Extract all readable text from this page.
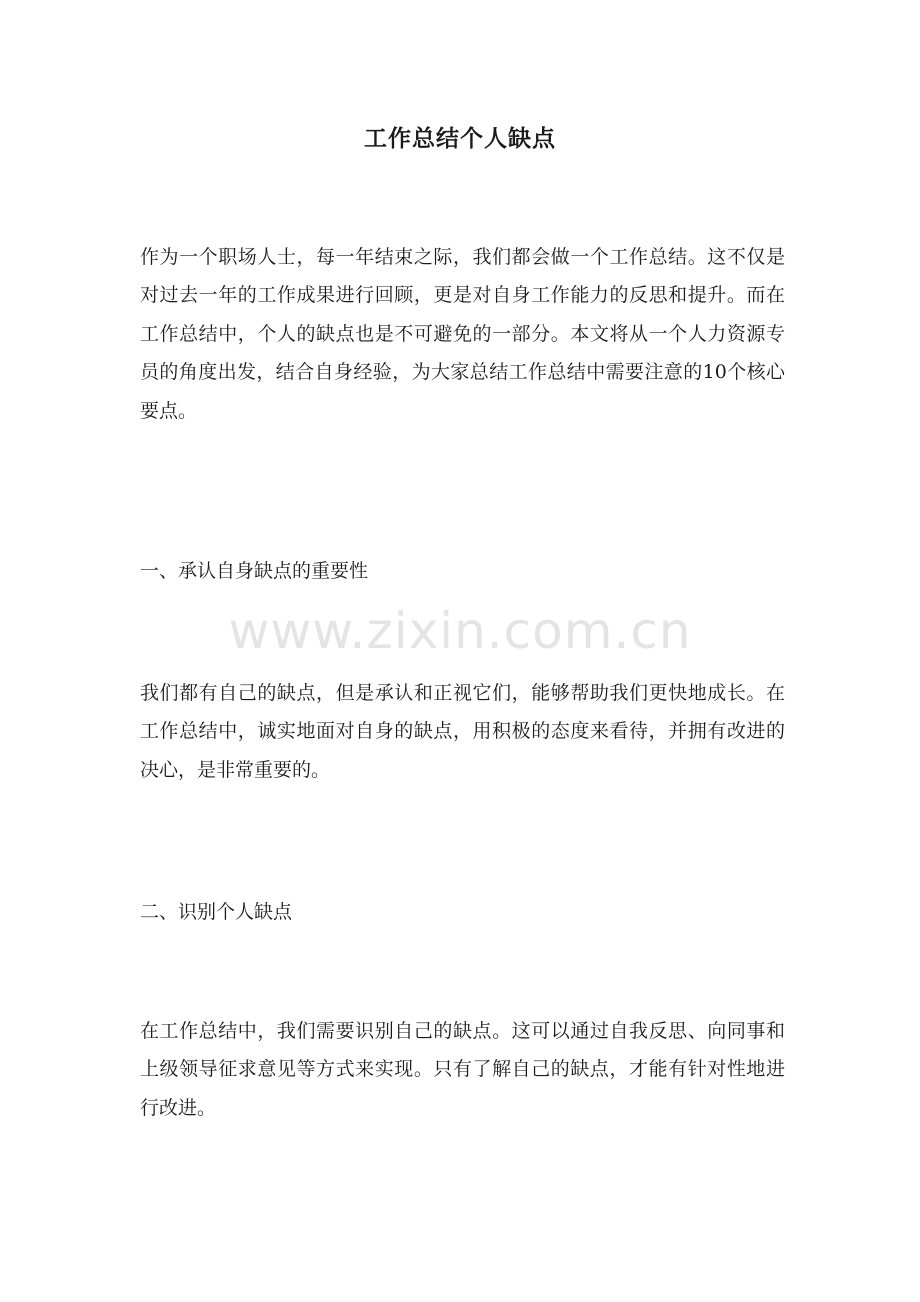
工作总结个人缺点
作为一个职场人士，每一年结束之际，我们都会做一个工作总结。这不仅是对过去一年的工作成果进行回顾，更是对自身工作能力的反思和提升。而在工作总结中，个人的缺点也是不可避免的一部分。本文将从一个人力资源专员的角度出发，结合自身经验，为大家总结工作总结中需要注意的10个核心要点。
一、承认自身缺点的重要性
www.zixin.com.cn
我们都有自己的缺点，但是承认和正视它们，能够帮助我们更快地成长。在工作总结中，诚实地面对自身的缺点，用积极的态度来看待，并拥有改进的决心，是非常重要的。
二、识别个人缺点
在工作总结中，我们需要识别自己的缺点。这可以通过自我反思、向同事和上级领导征求意见等方式来实现。只有了解自己的缺点，才能有针对性地进行改进。
